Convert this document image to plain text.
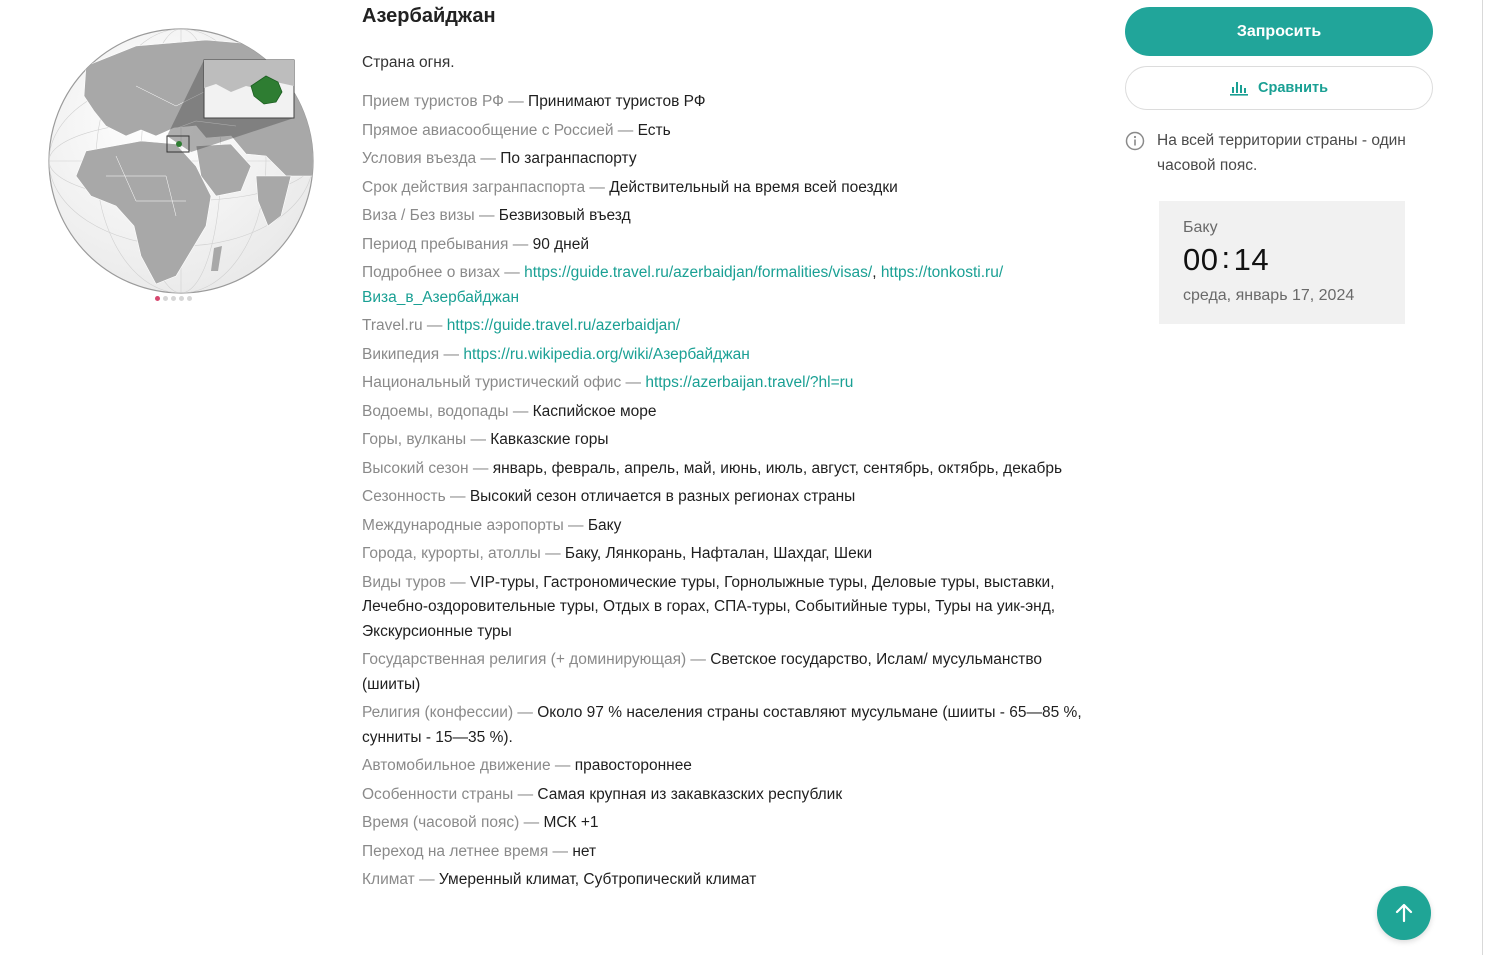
Азербайджан

Страна огня.

Прием туристов РФ — Принимают туристов РФ
Прямое авиасообщение с Россией — Есть
Условия въезда — По загранпаспорту
Срок действия загранпаспорта — Действительный на время всей поездки
Виза / Без визы — Безвизовый въезд
Период пребывания — 90 дней
Подробнее о визах — https://guide.travel.ru/azerbaidjan/formalities/visas/, https://tonkosti.ru/Виза_в_Азербайджан
Travel.ru — https://guide.travel.ru/azerbaidjan/
Википедия — https://ru.wikipedia.org/wiki/Азербайджан
Национальный туристический офис — https://azerbaijan.travel/?hl=ru
Водоемы, водопады — Каспийское море
Горы, вулканы — Кавказские горы
Высокий сезон — январь, февраль, апрель, май, июнь, июль, август, сентябрь, октябрь, декабрь
Сезонность — Высокий сезон отличается в разных регионах страны
Международные аэропорты — Баку
Города, курорты, атоллы — Баку, Лянкорань, Нафталан, Шахдаг, Шеки
Виды туров — VIP-туры, Гастрономические туры, Горнолыжные туры, Деловые туры, выставки, Лечебно-оздоровительные туры, Отдых в горах, СПА-туры, Событийные туры, Туры на уик-энд, Экскурсионные туры
Государственная религия (+ доминирующая) — Светское государство, Ислам/ мусульманство (шииты)
Религия (конфессии) — Около 97 % населения страны составляют мусульмане (шииты - 65—85 %, сунниты - 15—35 %).
Автомобильное движение — правостороннее
Особенности страны — Самая крупная из закавказских республик
Время (часовой пояс) — МСК +1
Переход на летнее время — нет
Климат — Умеренный климат, Субтропический климат
Запросить
Сравнить
На всей территории страны - один часовой пояс.
Баку
00:14
среда, январь 17, 2024
